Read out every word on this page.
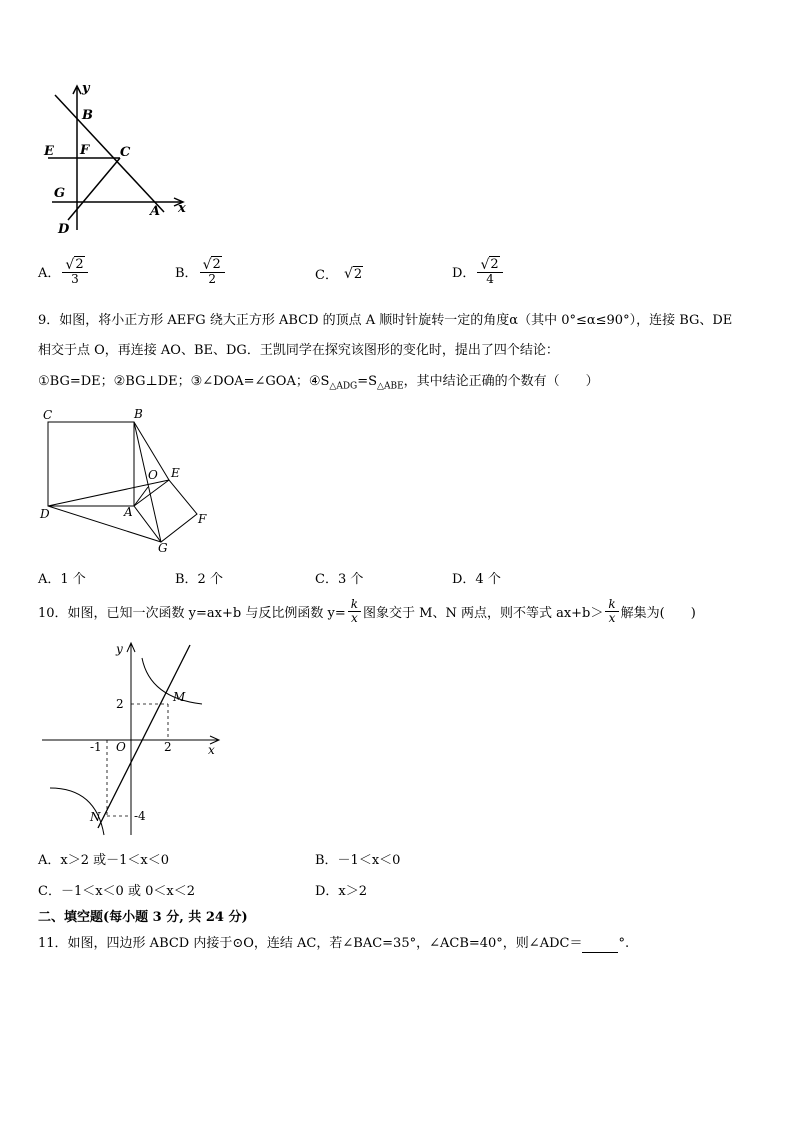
y
B
E F C
G
A x
D
A． $\frac{√ 2}{3}$	B． $\frac{√ 2}{2}$	C． √ 2	D． $\frac{√ 2}{4}$
9．如图，将小正方形 AEFG 绕大正方形 ABCD 的顶点 A 顺时针旋转一定的角度α（其中 0°≤α≤90°），连接 BG、DE
相交于点 O，再连接 AO、BE、DG．王凯同学在探究该图形的变化时，提出了四个结论：
①BG=DE；②BG⊥DE；③∠DOA=∠GOA；$④S_{\triangle ADG}=S_{\triangle ABE}$，其中结论正确的个数有（　　）
C	B
O E
D	A	F
G
A．1 个	B．2 个	C．3 个	D．4 个
10．如图，已知一次函数 y=ax+b 与反比例函数 $y= \frac{k}{x}$ 图象交于 M、N 两点，则不等式 $ax+b> \frac{k}{x}$ 解集为(　　)
y
x
O
2
-1	2
-4
M
N
A．x＞2 或－1＜x＜0	B．－1＜x＜0
C．－1＜x＜0 或 0＜x＜2	D．x＞2
二、填空题(每小题 3 分, 共 24 分)
11．如图，四边形 ABCD 内接于⊙O，连结 AC，若∠BAC=35°，∠ACB=40°，则∠ADC＝	°.
